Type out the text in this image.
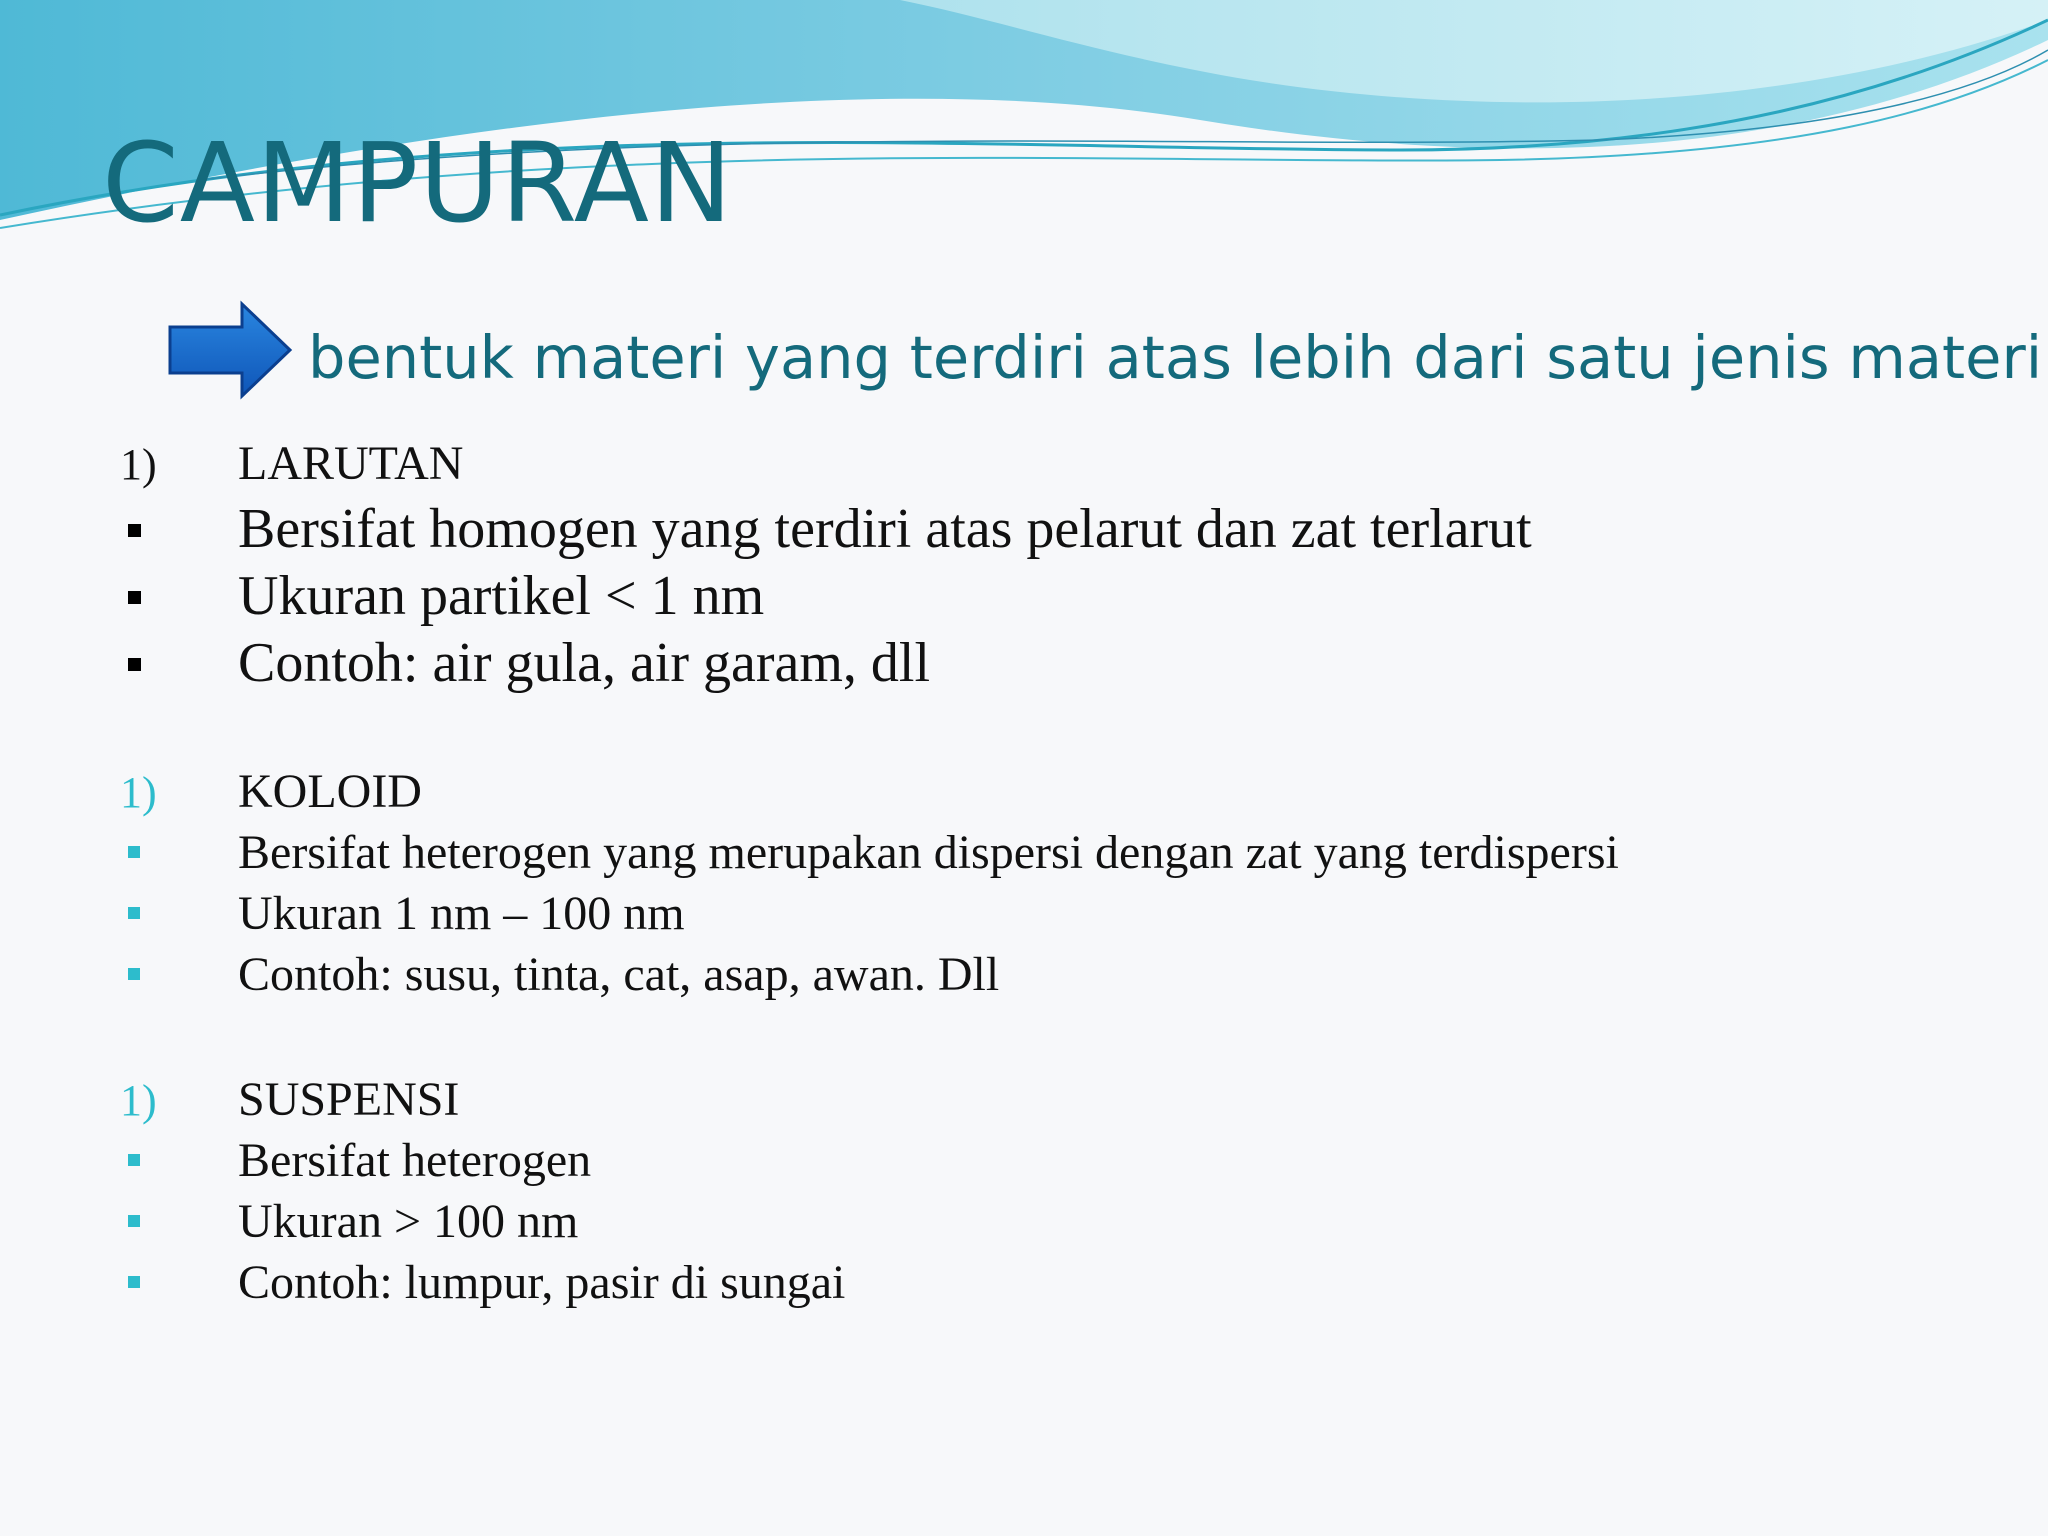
CAMPURAN
bentuk materi yang terdiri atas lebih dari satu jenis materi
1) LARUTAN
Bersifat homogen yang terdiri atas pelarut dan zat terlarut
Ukuran partikel < 1 nm
Contoh: air gula, air garam, dll
1) KOLOID
Bersifat heterogen yang merupakan dispersi dengan zat yang terdispersi
Ukuran 1 nm – 100 nm
Contoh: susu, tinta, cat, asap, awan. Dll
1) SUSPENSI
Bersifat heterogen
Ukuran > 100 nm
Contoh: lumpur, pasir di sungai
